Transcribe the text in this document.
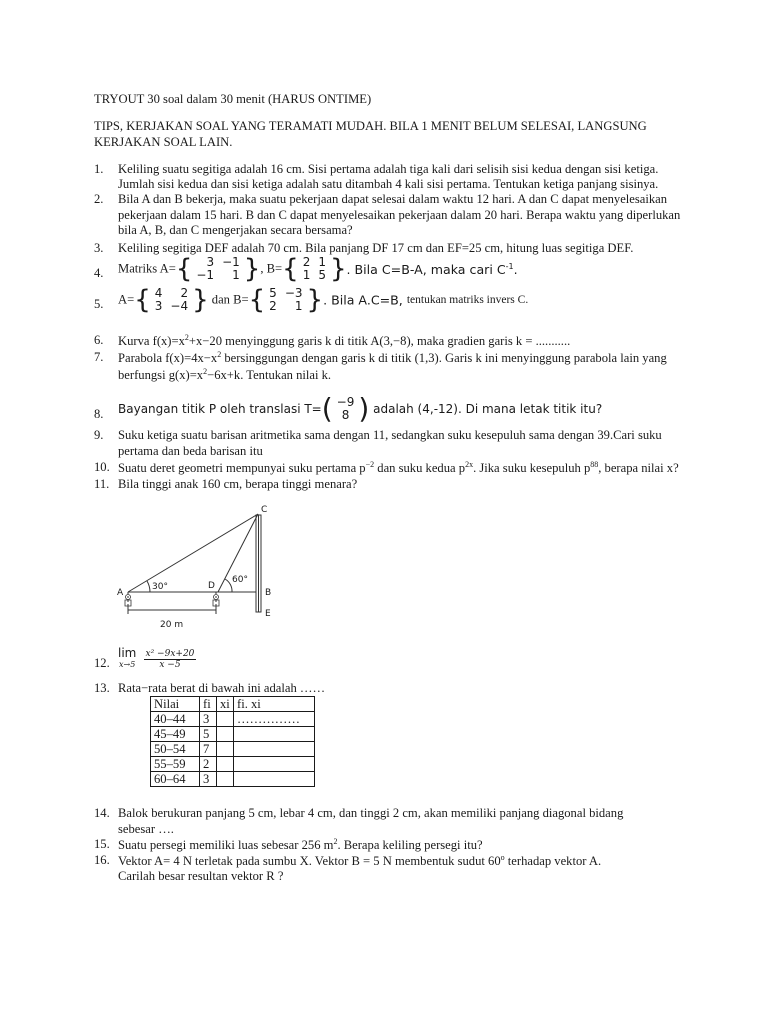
TRYOUT 30 soal dalam 30 menit (HARUS ONTIME)
TIPS, KERJAKAN SOAL YANG TERAMATI MUDAH. BILA 1 MENIT BELUM SELESAI, LANGSUNG
KERJAKAN SOAL LAIN.
1. Keliling suatu segitiga adalah 16 cm. Sisi pertama adalah tiga kali dari selisih sisi kedua dengan sisi ketiga.
Jumlah sisi kedua dan sisi ketiga adalah satu ditambah 4 kali sisi pertama. Tentukan ketiga panjang sisinya.
2. Bila A dan B bekerja, maka suatu pekerjaan dapat selesai dalam waktu 12 hari. A dan C dapat menyelesaikan
pekerjaan dalam 15 hari. B dan C dapat menyelesaikan pekerjaan dalam 20 hari. Berapa waktu yang diperlukan
bila A, B, dan C mengerjakan secara bersama?
3. Keliling segitiga DEF adalah 70 cm. Bila panjang DF 17 cm dan EF=25 cm, hitung luas segitiga DEF.
4. Matriks A={ 3	−1
−1	1 }, B={ 2	1
1	5 }. Bila C=B-A, maka cari $C^{-1}$.
5. A={ 4	2
3	−4 } dan B={ 5	−3
2	1 }. Bila A.C=B, tentukan matriks invers C.
6. Kurva $f(x)=x^2+x-20$ menyinggung garis k di titik A(3,−8), maka gradien garis k = ...........
7. Parabola $f(x)=4x-x^2$ bersinggungan dengan garis k di titik (1,3). Garis k ini menyinggung parabola lain yang
berfungsi $g(x)=x^2-6x+k$. Tentukan nilai k.
8. Bayangan titik P oleh translasi T=( −9
8 ) adalah (4,-12). Di mana letak titik itu?
9. Suku ketiga suatu barisan aritmetika sama dengan 11, sedangkan suku kesepuluh sama dengan 39.Cari suku
pertama dan beda barisan itu
10. Suatu deret geometri mempunyai suku pertama $p^{-2}$ dan suku kedua $p^{2x}$. Jika suku kesepuluh $p^{88}$, berapa nilai x?
11. Bila tinggi anak 160 cm, berapa tinggi menara?
C
A
D
B
E
30°
60°
20 m
12.
lim
$x\to 5 \frac{\text{x² −9x+20}}{x -5}$
13. Rata−rata berat di bawah ini adalah ……
Nilai	fi	xi	fi. xi
40–44	3		……………
45–49	5		
50–54	7		
55–59	2		
60–64	3		
14. Balok berukuran panjang 5 cm, lebar 4 cm, dan tinggi 2 cm, akan memiliki panjang diagonal bidang
sebesar ….
15. Suatu persegi memiliki luas sebesar 256 $m^2$. Berapa keliling persegi itu?
16. Vektor A= 4 N terletak pada sumbu X. Vektor B = 5 N membentuk sudut 60$^o$ terhadap vektor A.
Carilah besar resultan vektor R ?
